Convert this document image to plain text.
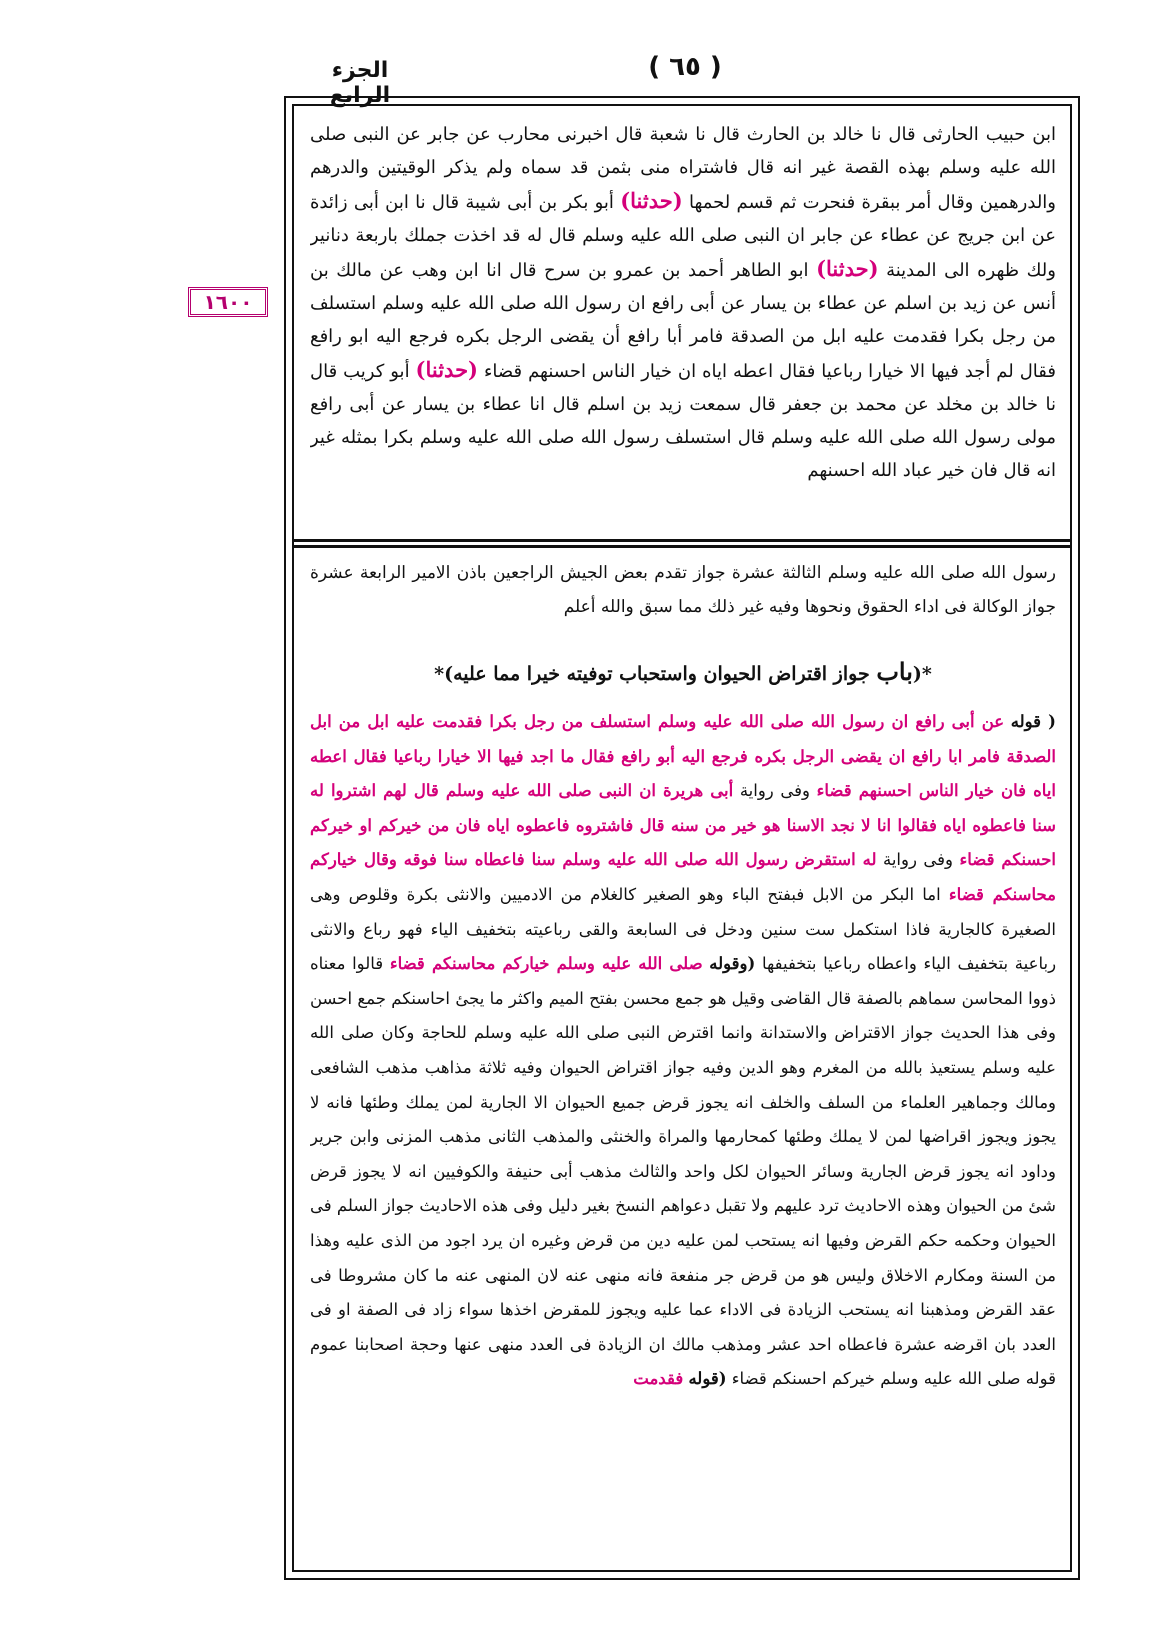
الجزء الرابع
( ٦٥ )
١٦٠٠
ابن حبيب الحارثى قال نا خالد بن الحارث قال نا شعبة قال اخبرنى محارب عن جابر عن النبى صلى الله عليه وسلم بهذه القصة غير انه قال فاشتراه منى بثمن قد سماه ولم يذكر الوقيتين والدرهم والدرهمين وقال أمر ببقرة فنحرت ثم قسم لحمها (حدثنا) أبو بكر بن أبى شيبة قال نا ابن أبى زائدة عن ابن جريج عن عطاء عن جابر ان النبى صلى الله عليه وسلم قال له قد اخذت جملك باربعة دنانير ولك ظهره الى المدينة (حدثنا) ابو الطاهر أحمد بن عمرو بن سرح قال انا ابن وهب عن مالك بن أنس عن زيد بن اسلم عن عطاء بن يسار عن أبى رافع ان رسول الله صلى الله عليه وسلم استسلف من رجل بكرا فقدمت عليه ابل من الصدقة فامر أبا رافع أن يقضى الرجل بكره فرجع اليه ابو رافع فقال لم أجد فيها الا خيارا رباعيا فقال اعطه اياه ان خيار الناس احسنهم قضاء (حدثنا) أبو كريب قال نا خالد بن مخلد عن محمد بن جعفر قال سمعت زيد بن اسلم قال انا عطاء بن يسار عن أبى رافع مولى رسول الله صلى الله عليه وسلم قال استسلف رسول الله صلى الله عليه وسلم بكرا بمثله غير انه قال فان خير عباد الله احسنهم
رسول الله صلى الله عليه وسلم الثالثة عشرة جواز تقدم بعض الجيش الراجعين باذن الامير الرابعة عشرة جواز الوكالة فى اداء الحقوق ونحوها وفيه غير ذلك مما سبق والله أعلم
*(باب جواز اقتراض الحيوان واستحباب توفيته خيرا مما عليه)*
( قوله عن أبى رافع ان رسول الله صلى الله عليه وسلم استسلف من رجل بكرا فقدمت عليه ابل من ابل الصدقة فامر ابا رافع ان يقضى الرجل بكره فرجع اليه أبو رافع فقال ما اجد فيها الا خيارا رباعيا فقال اعطه اياه فان خيار الناس احسنهم قضاء وفى رواية أبى هريرة ان النبى صلى الله عليه وسلم قال لهم اشتروا له سنا فاعطوه اياه فقالوا انا لا نجد الاسنا هو خير من سنه قال فاشتروه فاعطوه اياه فان من خيركم او خيركم احسنكم قضاء وفى رواية له استقرض رسول الله صلى الله عليه وسلم سنا فاعطاه سنا فوقه وقال خياركم محاسنكم قضاء اما البكر من الابل فبفتح الباء وهو الصغير كالغلام من الادميين والانثى بكرة وقلوص وهى الصغيرة كالجارية فاذا استكمل ست سنين ودخل فى السابعة والقى رباعيته بتخفيف الياء فهو رباع والانثى رباعية بتخفيف الياء واعطاه رباعيا بتخفيفها (وقوله صلى الله عليه وسلم خياركم محاسنكم قضاء قالوا معناه ذووا المحاسن سماهم بالصفة قال القاضى وقيل هو جمع محسن بفتح الميم واكثر ما يجئ احاسنكم جمع احسن وفى هذا الحديث جواز الاقتراض والاستدانة وانما اقترض النبى صلى الله عليه وسلم للحاجة وكان صلى الله عليه وسلم يستعيذ بالله من المغرم وهو الدين وفيه جواز اقتراض الحيوان وفيه ثلاثة مذاهب مذهب الشافعى ومالك وجماهير العلماء من السلف والخلف انه يجوز قرض جميع الحيوان الا الجارية لمن يملك وطئها فانه لا يجوز ويجوز اقراضها لمن لا يملك وطئها كمحارمها والمراة والخنثى والمذهب الثانى مذهب المزنى وابن جرير وداود انه يجوز قرض الجارية وسائر الحيوان لكل واحد والثالث مذهب أبى حنيفة والكوفيين انه لا يجوز قرض شئ من الحيوان وهذه الاحاديث ترد عليهم ولا تقبل دعواهم النسخ بغير دليل وفى هذه الاحاديث جواز السلم فى الحيوان وحكمه حكم القرض وفيها انه يستحب لمن عليه دين من قرض وغيره ان يرد اجود من الذى عليه وهذا من السنة ومكارم الاخلاق وليس هو من قرض جر منفعة فانه منهى عنه لان المنهى عنه ما كان مشروطا فى عقد القرض ومذهبنا انه يستحب الزيادة فى الاداء عما عليه ويجوز للمقرض اخذها سواء زاد فى الصفة او فى العدد بان اقرضه عشرة فاعطاه احد عشر ومذهب مالك ان الزيادة فى العدد منهى عنها وحجة اصحابنا عموم قوله صلى الله عليه وسلم خيركم احسنكم قضاء (قوله فقدمت
